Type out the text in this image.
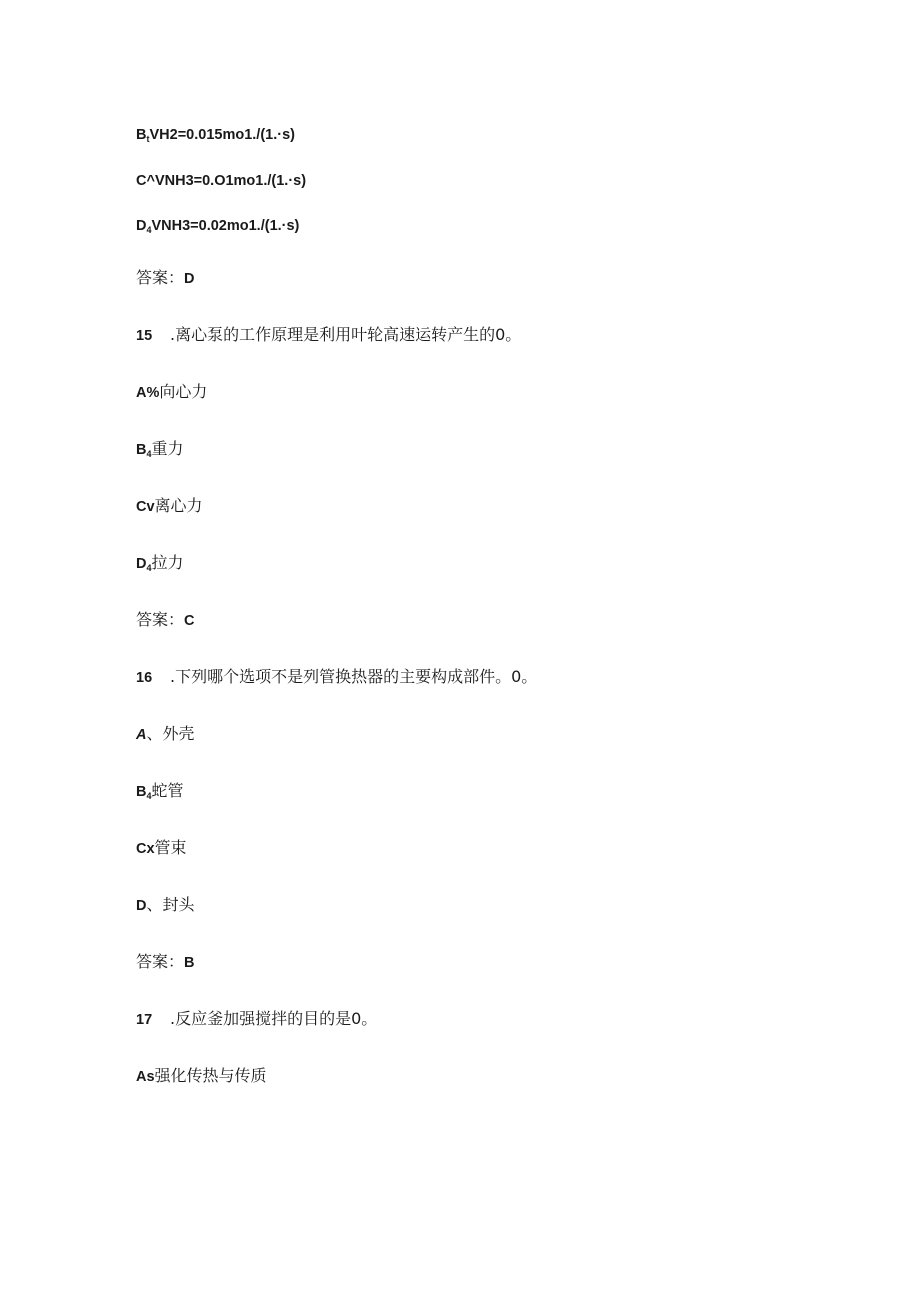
$B_tVH2=0.015mo1./(1.\cdot s)$
C^VNH3=0.O1mo1./(1.·s)
$D_4VNH3=0.02mo1./(1.\cdot s)$
答案：D
15 .离心泵的工作原理是利用叶轮高速运转产生的0。
A%向心力
$B_4$重力
Cv离心力
$D_4$拉力
答案：C
16 .下列哪个选项不是列管换热器的主要构成部件。0。
A、外壳
$B_4$蛇管
Cx管束
D、封头
答案：B
17 .反应釜加强搅拌的目的是0。
As强化传热与传质
